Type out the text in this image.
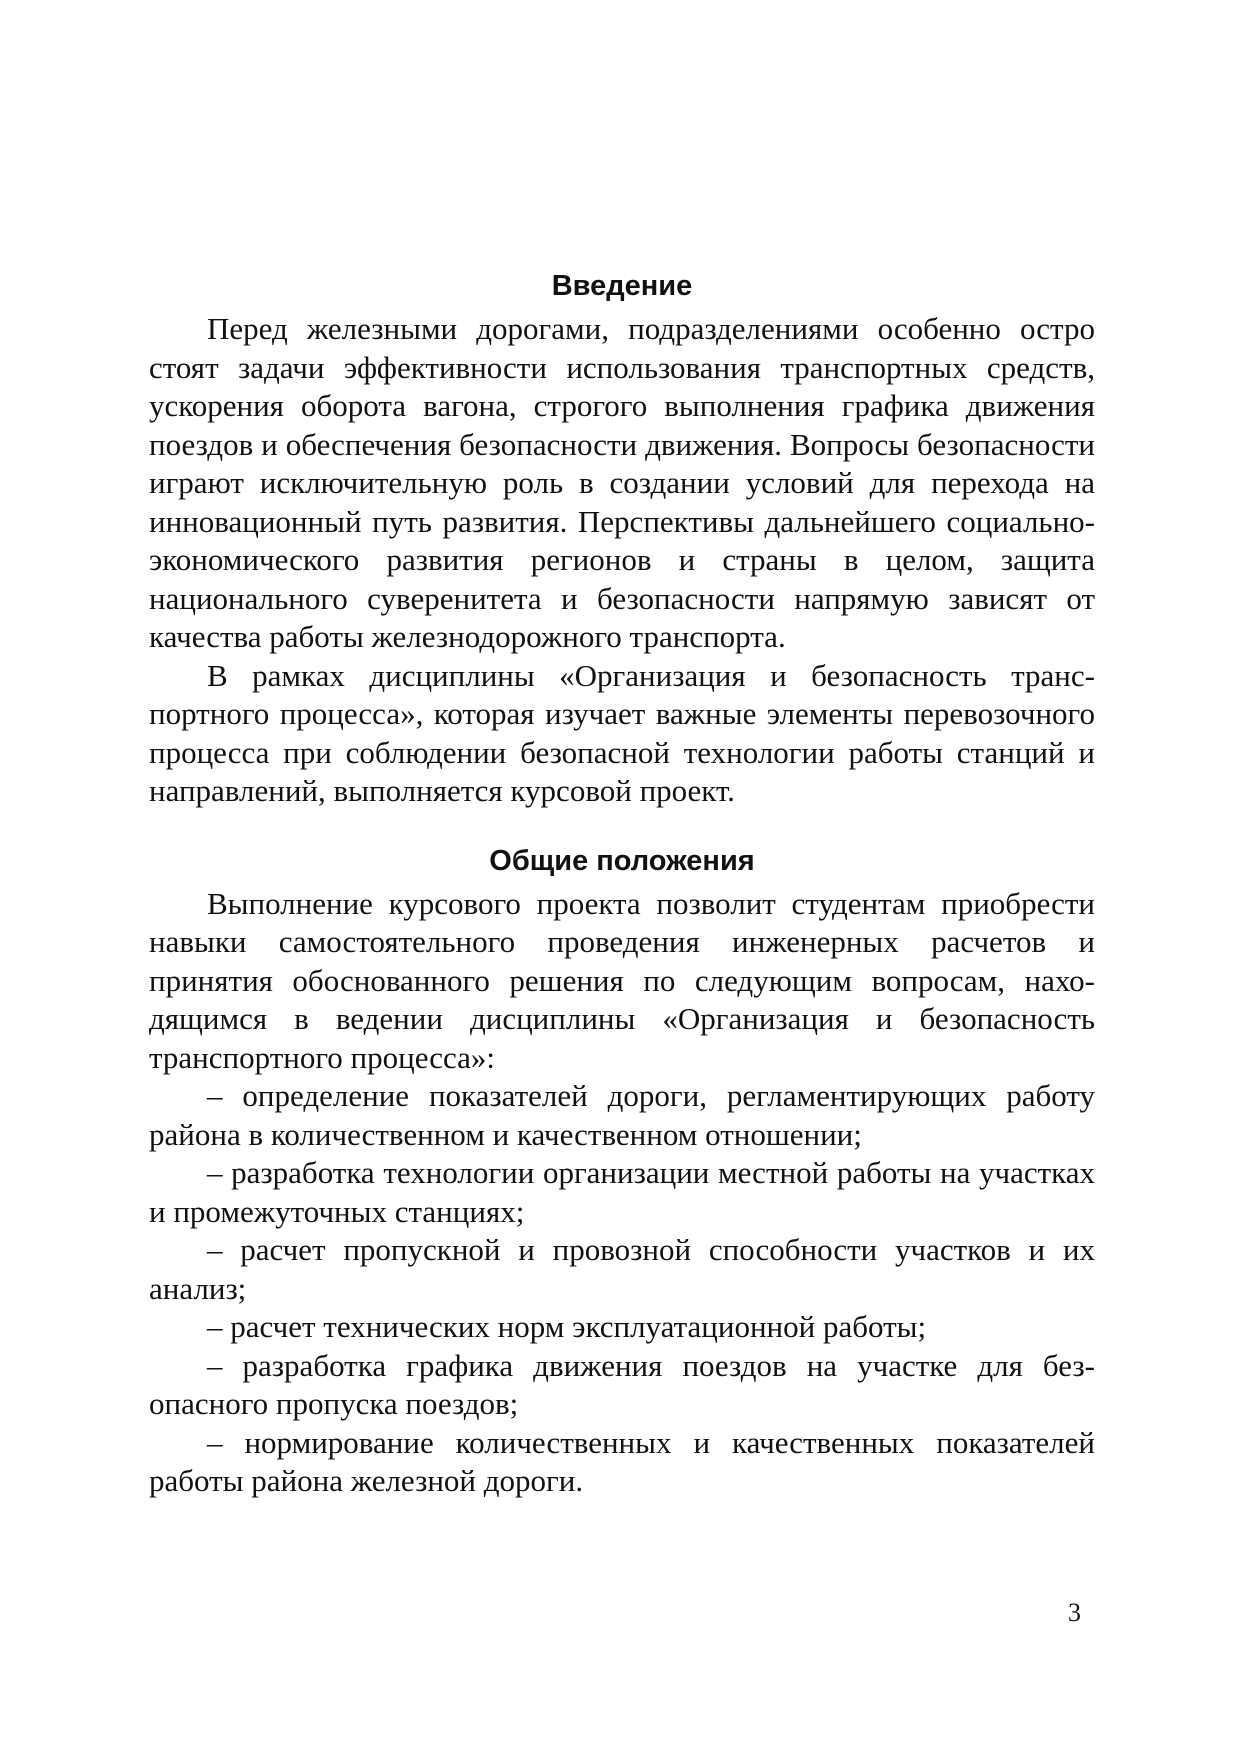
Введение

Перед железными дорогами, подразделениями особенно остро стоят задачи эффективности использования транспортных средств, ускорения оборота вагона, строгого выполнения графика движения поездов и обеспечения безопасности движения. Вопросы безопасности играют исключительную роль в создании условий для перехода на инновационный путь развития. Перспективы дальнейшего социально-экономического развития регионов и страны в целом, защита национального суверенитета и безопасности напрямую зависят от качества работы железнодорожного транспорта.

В рамках дисциплины «Организация и безопасность транспортного процесса», которая изучает важные элементы перевозочного процесса при соблюдении безопасной технологии работы станций и направлений, выполняется курсовой проект.

Общие положения

Выполнение курсового проекта позволит студентам приобрести навыки самостоятельного проведения инженерных расчетов и принятия обоснованного решения по следующим вопросам, находящимся в ведении дисциплины «Организация и безопасность транспортного процесса»:

– определение показателей дороги, регламентирующих работу района в количественном и качественном отношении;

– разработка технологии организации местной работы на участках и промежуточных станциях;

– расчет пропускной и провозной способности участков и их анализ;

– расчет технических норм эксплуатационной работы;

– разработка графика движения поездов на участке для безопасного пропуска поездов;

– нормирование количественных и качественных показателей работы района железной дороги.

3
